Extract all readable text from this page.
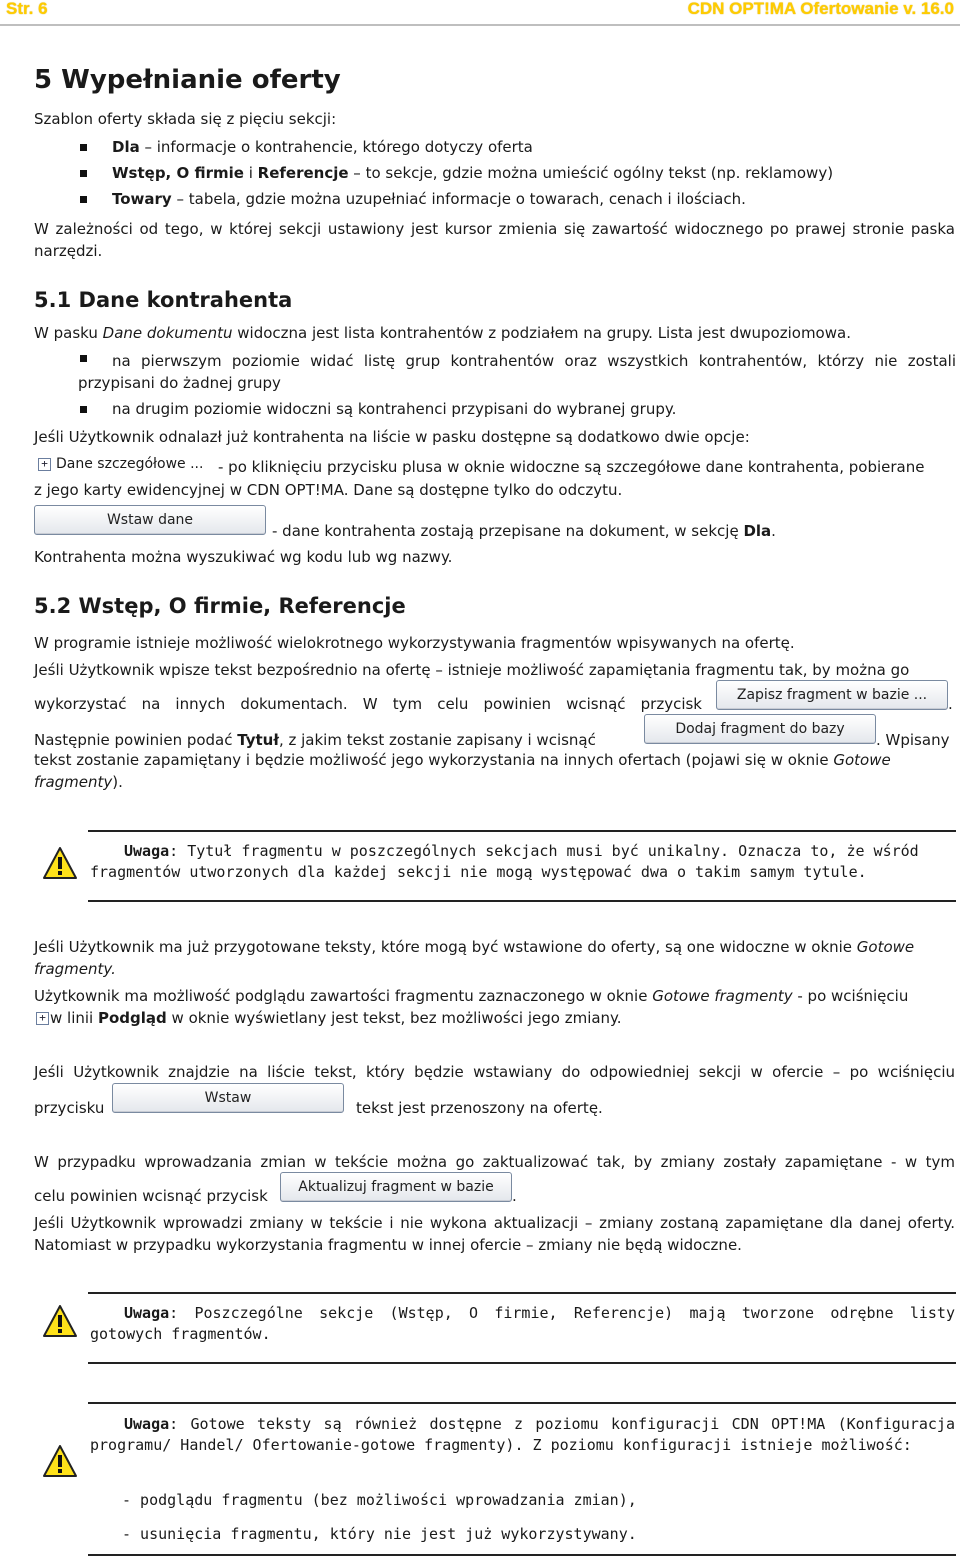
Str. 6	CDN OPT!MA Ofertowanie v. 16.0
5 Wypełnianie oferty

Szablon oferty składa się z pięciu sekcji:

Dla – informacje o kontrahencie, którego dotyczy oferta

Wstęp, O firmie i Referencje – to sekcje, gdzie można umieścić ogólny tekst (np. reklamowy)

Towary – tabela, gdzie można uzupełniać informacje o towarach, cenach i ilościach.

W zależności od tego, w której sekcji ustawiony jest kursor zmienia się zawartość widocznego po prawej stronie paska narzędzi.

5.1 Dane kontrahenta

W pasku Dane dokumentu widoczna jest lista kontrahentów z podziałem na grupy. Lista jest dwupoziomowa.

na pierwszym poziomie widać listę grup kontrahentów oraz wszystkich kontrahentów, którzy nie zostali przypisani do żadnej grupy

na drugim poziomie widoczni są kontrahenci przypisani do wybranej grupy.

Jeśli Użytkownik odnalazł już kontrahenta na liście w pasku dostępne są dodatkowo dwie opcje:

+ Dane szczegółowe ... - po kliknięciu przycisku plusa w oknie widoczne są szczegółowe dane kontrahenta, pobierane

z jego karty ewidencyjnej w CDN OPT!MA. Dane są dostępne tylko do odczytu.

Wstaw dane

- dane kontrahenta zostają przepisane na dokument, w sekcję Dla.

Kontrahenta można wyszukiwać wg kodu lub wg nazwy.

5.2 Wstęp, O firmie, Referencje

W programie istnieje możliwość wielokrotnego wykorzystywania fragmentów wpisywanych na ofertę.

Jeśli Użytkownik wpisze tekst bezpośrednio na ofertę – istnieje możliwość zapamiętania fragmentu tak, by można go

wykorzystać na innych dokumentach. W tym celu powinien wcisnąć przycisk	Zapisz fragment w bazie ...	.

Następnie powinien podać Tytuł, z jakim tekst zostanie zapisany i wcisnąć

Dodaj fragment do bazy
. Wpisany

tekst zostanie zapamiętany i będzie możliwość jego wykorzystania na innych ofertach (pojawi się w oknie Gotowe

fragmenty).

Uwaga: Tytuł fragmentu w poszczególnych sekcjach musi być unikalny. Oznacza to, że wśród fragmentów utworzonych dla każdej sekcji nie mogą występować dwa o takim samym tytule.

Jeśli Użytkownik ma już przygotowane teksty, które mogą być wstawione do oferty, są one widoczne w oknie Gotowe fragmenty.

Użytkownik ma możliwość podglądu zawartości fragmentu zaznaczonego w oknie Gotowe fragmenty - po wciśnięciu

+ w linii Podgląd w oknie wyświetlany jest tekst, bez możliwości jego zmiany.

Jeśli Użytkownik znajdzie na liście tekst, który będzie wstawiany do odpowiedniej sekcji w ofercie – po wciśnięciu

przycisku
Wstaw
tekst jest przenoszony na ofertę.

W przypadku wprowadzania zmian w tekście można go zaktualizować tak, by zmiany zostały zapamiętane - w tym

celu powinien wcisnąć przycisk	Aktualizuj fragment w bazie	.

Jeśli Użytkownik wprowadzi zmiany w tekście i nie wykona aktualizacji – zmiany zostaną zapamiętane dla danej oferty. Natomiast w przypadku wykorzystania fragmentu w innej ofercie – zmiany nie będą widoczne.

Uwaga: Poszczególne sekcje (Wstęp, O firmie, Referencje) mają tworzone odrębne listy gotowych fragmentów.

Uwaga: Gotowe teksty są również dostępne z poziomu konfiguracji CDN OPT!MA (Konfiguracja programu/ Handel/ Ofertowanie-gotowe fragmenty). Z poziomu konfiguracji istnieje możliwość:

- podglądu fragmentu (bez możliwości wprowadzania zmian),

- usunięcia fragmentu, który nie jest już wykorzystywany.
